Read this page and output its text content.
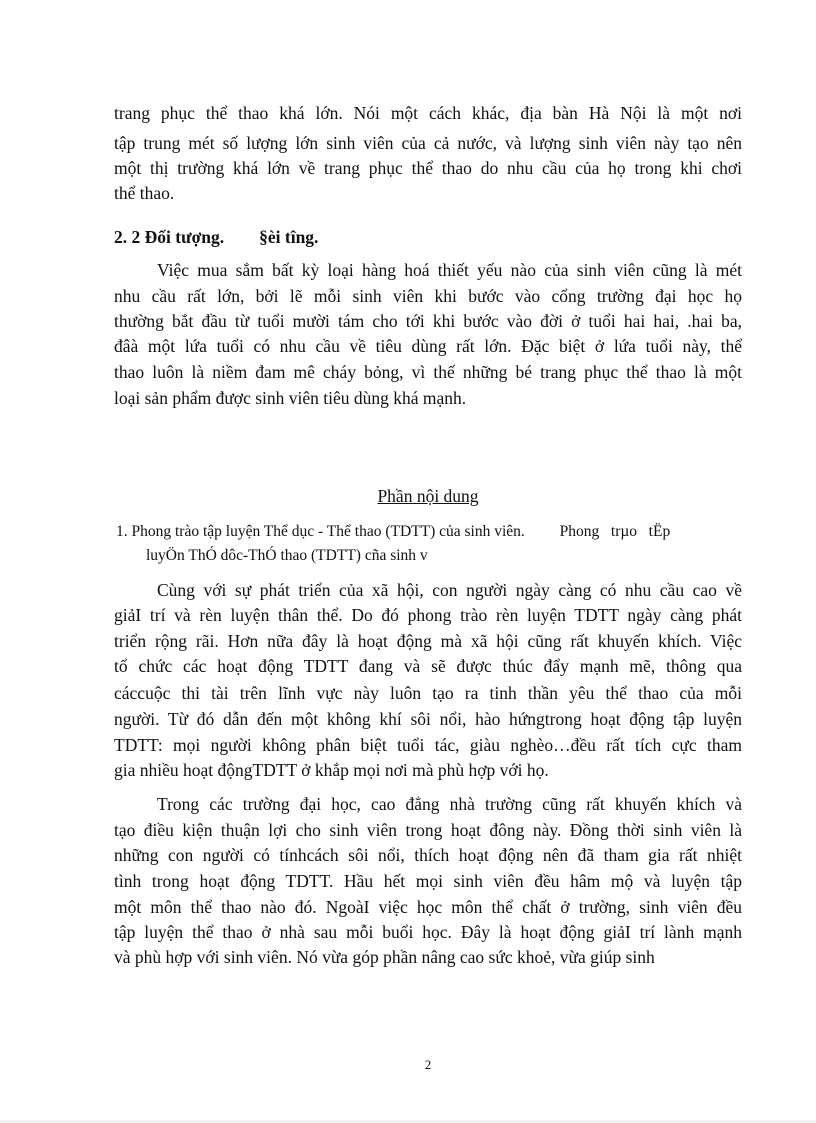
trang phục thể thao khá lớn. Nói một cách khác, địa bàn Hà Nội là một nơi
tập trung mét số lượng lớn sinh viên của cả nước, và lượng sinh viên này tạo nên
một thị trường khá lớn về trang phục thể thao do nhu cầu của họ trong khi chơi
thể thao.
2. 2 Đối tượng.        §èi tîng.
Việc mua sắm bất kỳ loại hàng hoá thiết yếu nào của sinh viên cũng là mét
nhu cầu rất lớn, bởi lẽ mỗi sinh viên khi bước vào cổng trường đại học họ
thường bắt đầu từ tuổi mười tám cho tới khi bước vào đời ở tuổi hai hai, .hai ba,
đâà một lứa tuổi có nhu cầu về tiêu dùng rất lớn. Đặc biệt ở lứa tuổi này, thể
thao luôn là niềm đam mê cháy bỏng, vì thế những bé trang phục thể thao là một
loại sản phẩm được sinh viên tiêu dùng khá mạnh.
Phần nội dung
1. Phong trào tập luyện Thể dục - Thể thao (TDTT) của sinh viên.         Phong   trµo   tËp
luyÖn ThÓ dôc-ThÓ thao (TDTT) cña sinh v
Cùng với sự phát triển của xã hội, con người ngày càng có nhu cầu cao về
giảI trí và rèn luyện thân thể. Do đó phong trào rèn luyện TDTT ngày càng phát
triển rộng rãi. Hơn nữa đây là hoạt động mà xã hội cũng rất khuyến khích. Việc
tổ chức các hoạt động TDTT đang và sẽ được thúc đẩy mạnh mẽ, thông qua
cáccuộc thi tài trên lĩnh vực này luôn tạo ra tinh thần yêu thể thao của mỗi
người. Từ đó dẫn đến một không khí sôi nổi, hào hứngtrong hoạt động tập luyện
TDTT: mọi người không phân biệt tuổi tác, giàu nghèo…đều rất tích cực tham
gia nhiều hoạt độngTDTT ở khắp mọi nơi mà phù hợp với họ.
Trong các trường đại học, cao đẳng nhà trường cũng rất khuyến khích và
tạo điều kiện thuận lợi cho sinh viên trong hoạt đông này. Đồng thời sinh viên là
những con người có tínhcách sôi nổi, thích hoạt động nên đã tham gia rất nhiệt
tình trong hoạt động TDTT. Hầu hết mọi sinh viên đều hâm mộ và luyện tập
một môn thể thao nào đó. NgoàI việc học môn thể chất ở trường, sinh viên đều
tập luyện thể thao ở nhà sau mỗi buổi học. Đây là hoạt động giảI trí lành mạnh
và phù hợp với sinh viên. Nó vừa góp phần nâng cao sức khoẻ, vừa giúp sinh
2
